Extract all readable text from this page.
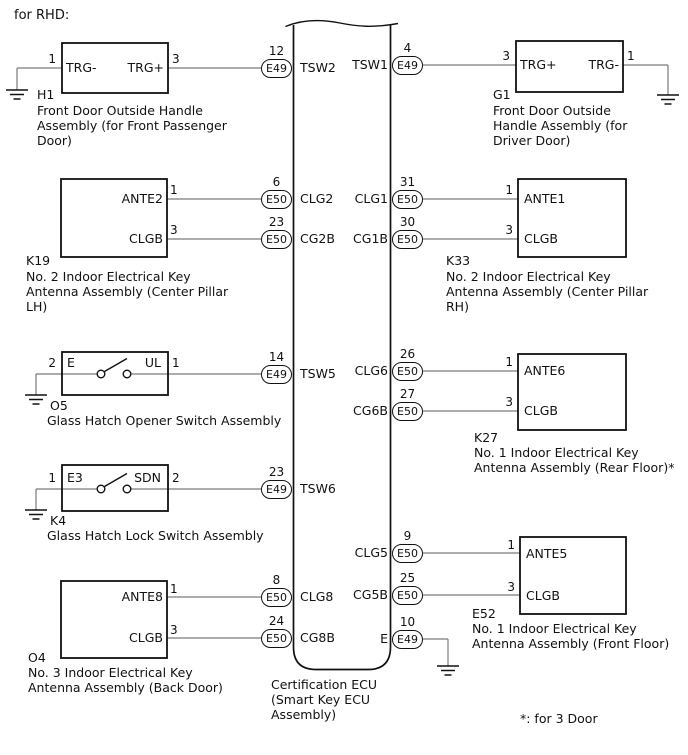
for RHD:
*: for 3 Door
Certification ECU
(Smart Key ECU
Assembly)
12
E49	TSW2
6
E50	CLG2
23
E50	CG2B
14
E49	TSW5
23
E49	TSW6
8
E50	CLG8
24
E50	CG8B
4
E49
TSW1
31
E50
CLG1
30
E50
CG1B
26
E50
CLG6
27
E50
CG6B
9
E50
CLG5
25
E50
CG5B
10
E49
E
1	3
TRG-	TRG+
H1
Front Door Outside Handle
Assembly (for Front Passenger
Door)
3	1
TRG+	TRG-
G1
Front Door Outside
Handle Assembly (for
Driver Door)
1
3
ANTE2
CLGB
K19
No. 2 Indoor Electrical Key
Antenna Assembly (Center Pillar
LH)
1
3
ANTE1
CLGB
K33
No. 2 Indoor Electrical Key
Antenna Assembly (Center Pillar
RH)
2	1
E	UL
O5
Glass Hatch Opener Switch Assembly
1
3
ANTE6
CLGB
K27
No. 1 Indoor Electrical Key
Antenna Assembly (Rear Floor)*
1	2
E3	SDN
K4
Glass Hatch Lock Switch Assembly
1
3
ANTE5
CLGB
E52
No. 1 Indoor Electrical Key
Antenna Assembly (Front Floor)
1
3
ANTE8
CLGB
O4
No. 3 Indoor Electrical Key
Antenna Assembly (Back Door)
